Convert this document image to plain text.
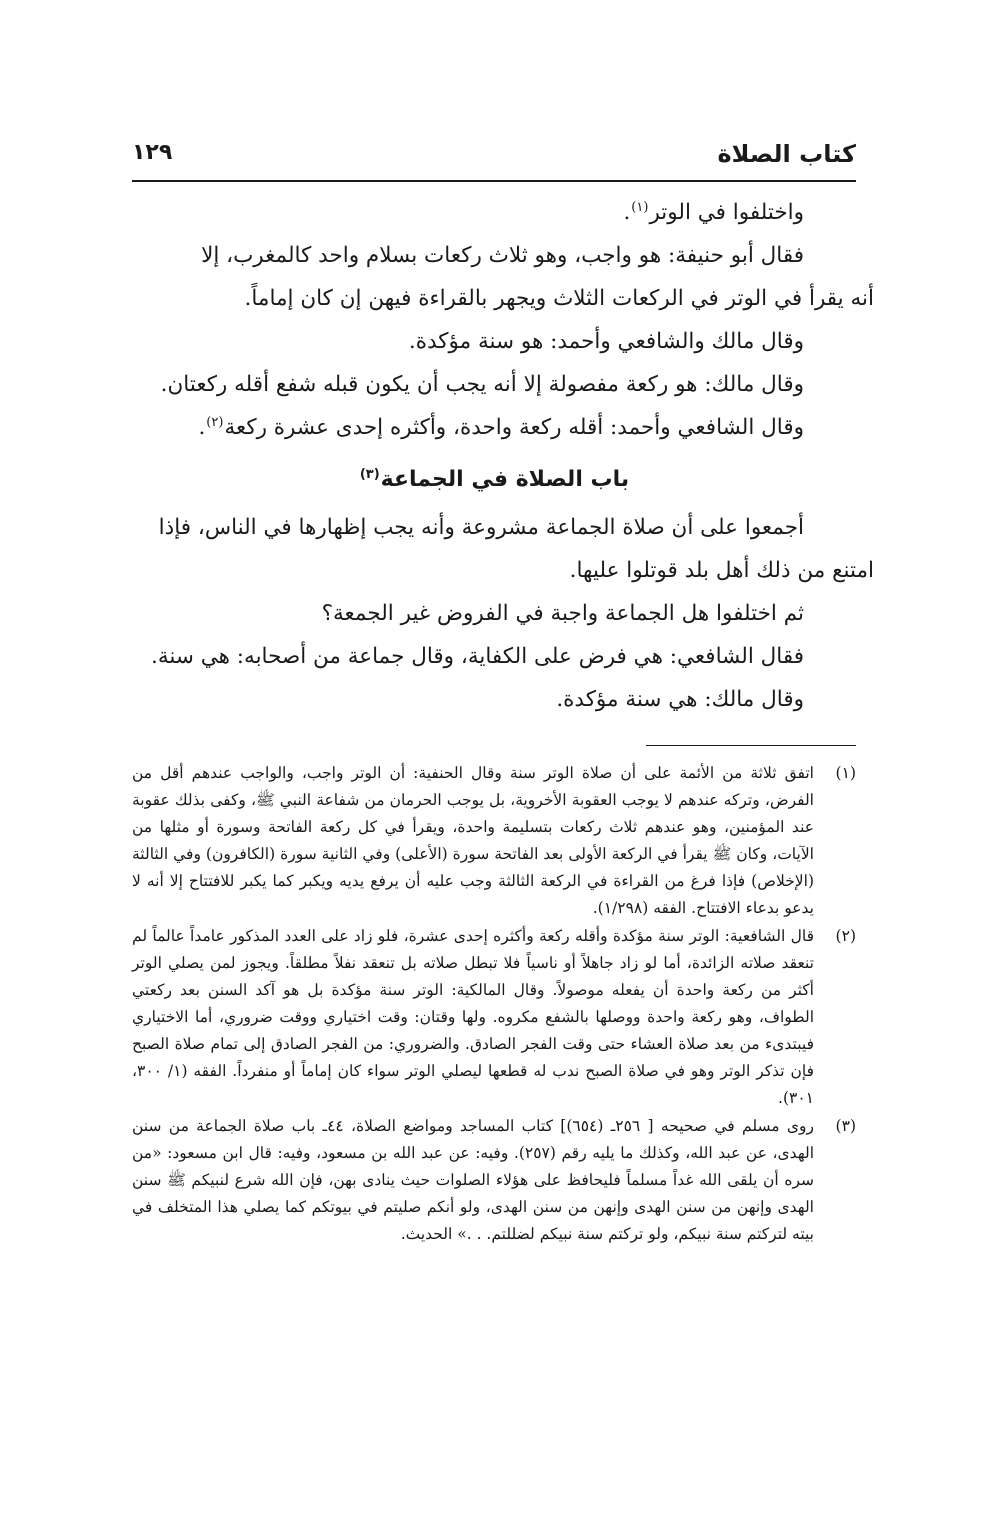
كتاب الصلاة
١٢٩

واختلفوا في الوتر$^{(١)}$.

فقال أبو حنيفة: هو واجب، وهو ثلاث ركعات بسلام واحد كالمغرب، إلا

أنه يقرأ في الوتر في الركعات الثلاث ويجهر بالقراءة فيهن إن كان إماماً.

وقال مالك والشافعي وأحمد: هو سنة مؤكدة.

وقال مالك: هو ركعة مفصولة إلا أنه يجب أن يكون قبله شفع أقله ركعتان.

وقال الشافعي وأحمد: أقله ركعة واحدة، وأكثره إحدى عشرة ركعة$^{(٢)}$.

باب الصلاة في الجماعة$^{(٣)}$

أجمعوا على أن صلاة الجماعة مشروعة وأنه يجب إظهارها في الناس، فإذا

امتنع من ذلك أهل بلد قوتلوا عليها.

ثم اختلفوا هل الجماعة واجبة في الفروض غير الجمعة؟

فقال الشافعي: هي فرض على الكفاية، وقال جماعة من أصحابه: هي سنة.

وقال مالك: هي سنة مؤكدة.

(١)
اتفق ثلاثة من الأئمة على أن صلاة الوتر سنة وقال الحنفية: أن الوتر واجب، والواجب عندهم أقل من الفرض، وتركه عندهم لا يوجب العقوبة الأخروية، بل يوجب الحرمان من شفاعة النبي ﷺ، وكفى بذلك عقوبة عند المؤمنين، وهو عندهم ثلاث ركعات بتسليمة واحدة، ويقرأ في كل ركعة الفاتحة وسورة أو مثلها من الآيات، وكان ﷺ يقرأ في الركعة الأولى بعد الفاتحة سورة (الأعلى) وفي الثانية سورة (الكافرون) وفي الثالثة (الإخلاص) فإذا فرغ من القراءة في الركعة الثالثة وجب عليه أن يرفع يديه ويكبر كما يكبر للافتتاح إلا أنه لا يدعو بدعاء الافتتاح. الفقه (١/٢٩٨).
(٢)
قال الشافعية: الوتر سنة مؤكدة وأقله ركعة وأكثره إحدى عشرة، فلو زاد على العدد المذكور عامداً عالماً لم تنعقد صلاته الزائدة، أما لو زاد جاهلاً أو ناسياً فلا تبطل صلاته بل تنعقد نفلاً مطلقاً. ويجوز لمن يصلي الوتر أكثر من ركعة واحدة أن يفعله موصولاً. وقال المالكية: الوتر سنة مؤكدة بل هو آكد السنن بعد ركعتي الطواف، وهو ركعة واحدة ووصلها بالشفع مكروه. ولها وقتان: وقت اختياري ووقت ضروري، أما الاختياري فيبتدىء من بعد صلاة العشاء حتى وقت الفجر الصادق. والضروري: من الفجر الصادق إلى تمام صلاة الصبح فإن تذكر الوتر وهو في صلاة الصبح ندب له قطعها ليصلي الوتر سواء كان إماماً أو منفرداً. الفقه (١/ ٣٠٠، ٣٠١).
(٣)
روى مسلم في صحيحه [ ٢٥٦ـ (٦٥٤)] كتاب المساجد ومواضع الصلاة، ٤٤ـ باب صلاة الجماعة من سنن الهدى، عن عبد الله، وكذلك ما يليه رقم (٢٥٧). وفيه: عن عبد الله بن مسعود، وفيه: قال ابن مسعود: «من سره أن يلقى الله غداً مسلماً فليحافظ على هؤلاء الصلوات حيث ينادى بهن، فإن الله شرع لنبيكم ﷺ سنن الهدى وإنهن من سنن الهدى وإنهن من سنن الهدى، ولو أنكم صليتم في بيوتكم كما يصلي هذا المتخلف في بيته لتركتم سنة نبيكم، ولو تركتم سنة نبيكم لضللتم. . .» الحديث.
